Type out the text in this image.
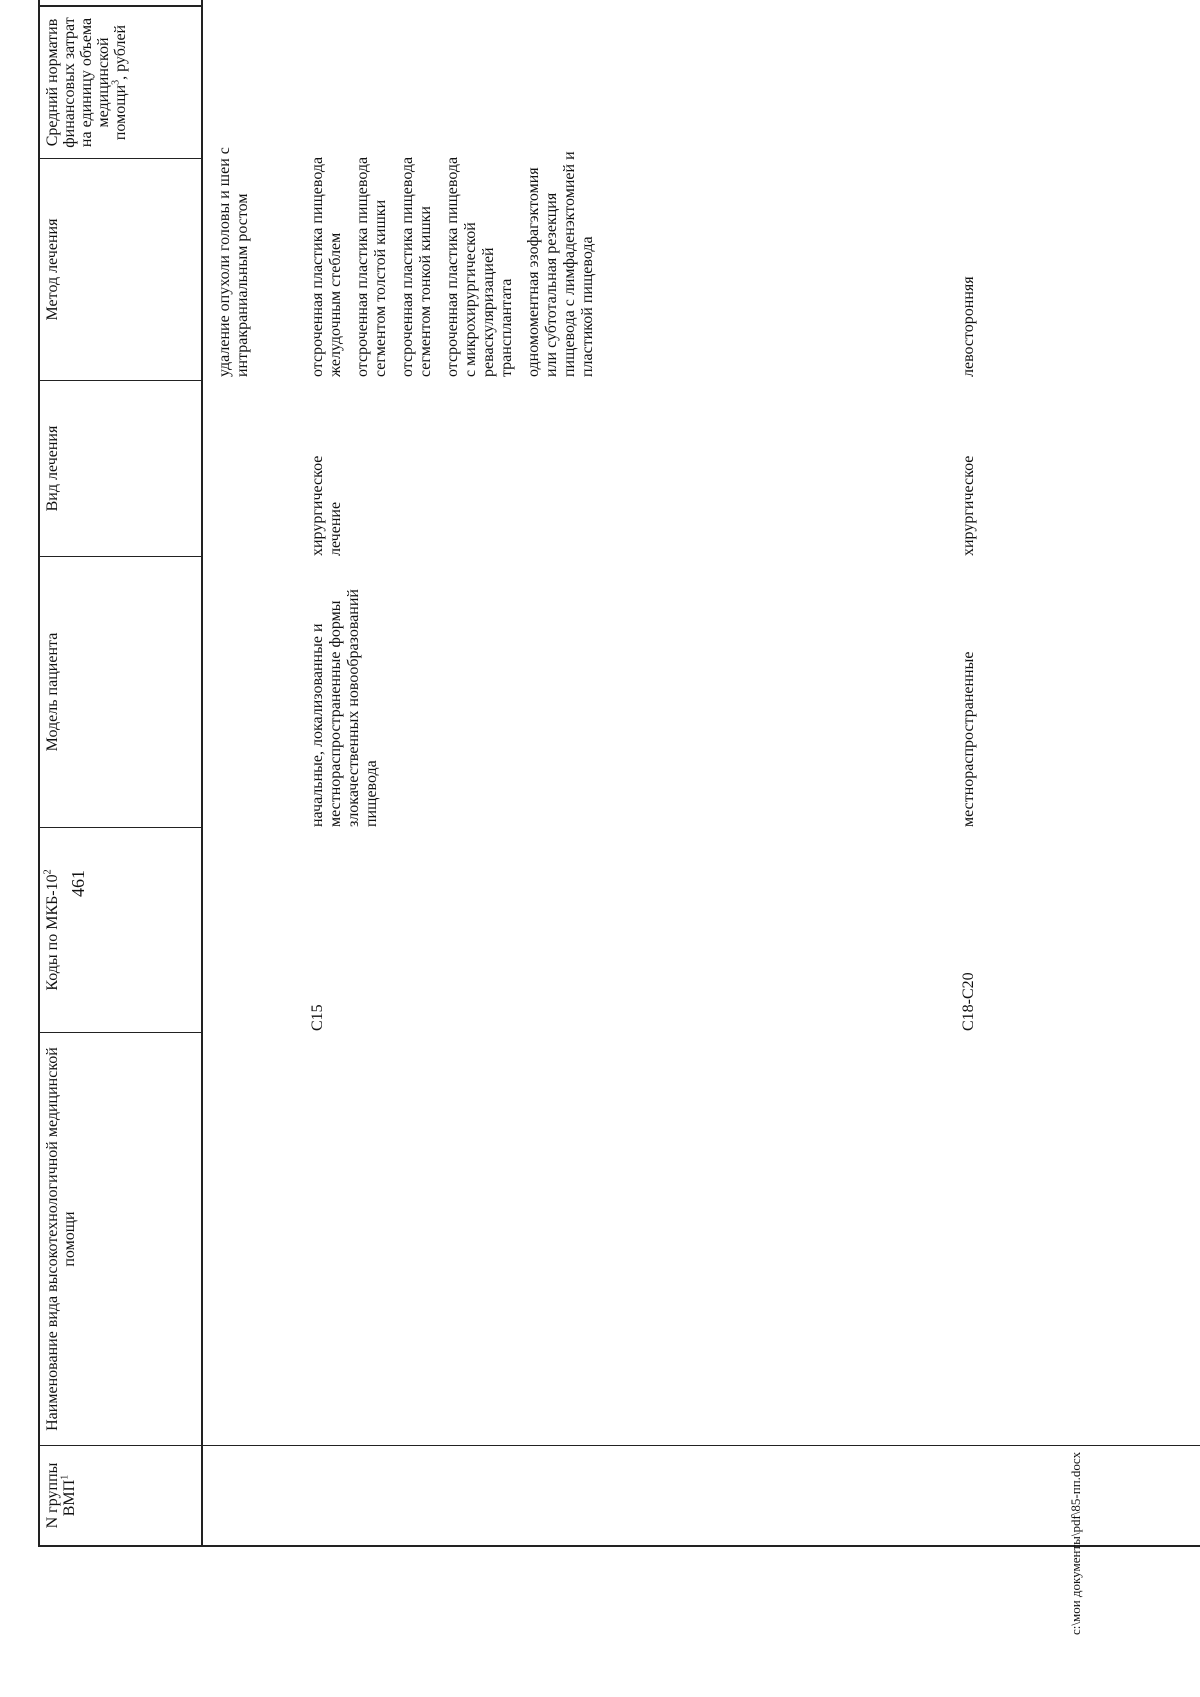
461
N группы ВМП$^1$
Наименование вида высокотехнологичной медицинской помощи
Коды по МКБ-$10^2$
Модель пациента
Вид лечения
Метод лечения
Средний норматив финансовых затрат на единицу объема медицинской помощи$^3$, рублей
удаление опухоли головы и шеи с интракраниальным ростом
C15
начальные, локализованные и местнораспространенные формы злокачественных новообразований пищевода
хирургическое лечение
отсроченная пластика пищевода желудочным стеблем отсроченная пластика пищевода сегментом толстой кишки отсроченная пластика пищевода сегментом тонкой кишки отсроченная пластика пищевода с микрохирургической реваскуляризацией трансплантата одномоментная эзофагэктомия или субтотальная резекция пищевода с лимфаденэктомией и пластикой пищевода
C18-C20
местнораспространенные
хирургическое
левосторонняя
c:\мои документы\pdf\85-пп.docx
